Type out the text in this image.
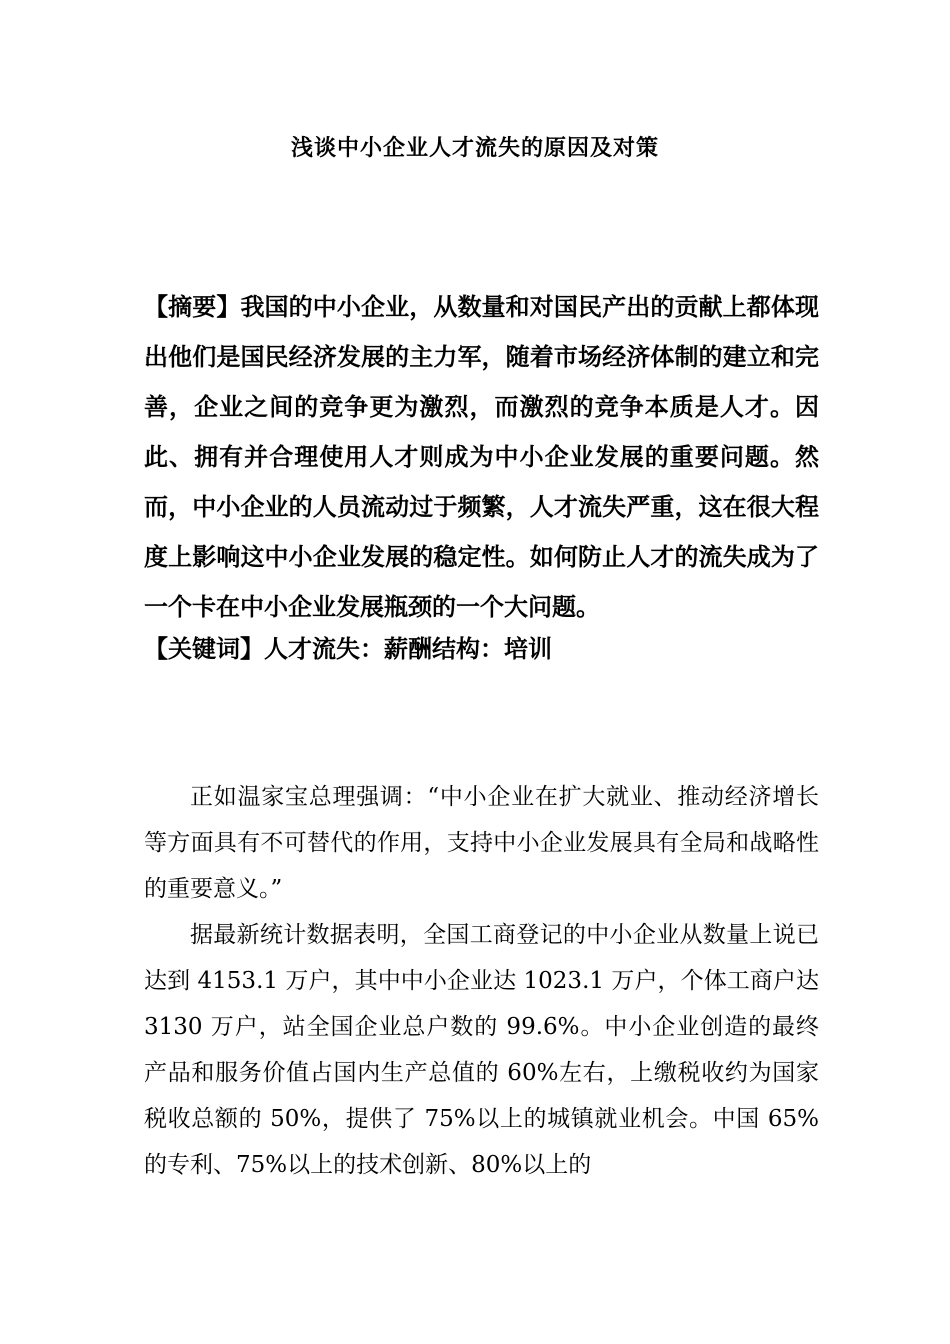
浅谈中小企业人才流失的原因及对策

【摘要】我国的中小企业，从数量和对国民产出的贡献上都体现出他们是国民经济发展的主力军，随着市场经济体制的建立和完善，企业之间的竞争更为激烈，而激烈的竞争本质是人才。因此、拥有并合理使用人才则成为中小企业发展的重要问题。然而，中小企业的人员流动过于频繁，人才流失严重，这在很大程度上影响这中小企业发展的稳定性。如何防止人才的流失成为了一个卡在中小企业发展瓶颈的一个大问题。

【关键词】人才流失：薪酬结构：培训

正如温家宝总理强调：“中小企业在扩大就业、推动经济增长等方面具有不可替代的作用，支持中小企业发展具有全局和战略性的重要意义。”

据最新统计数据表明，全国工商登记的中小企业从数量上说已达到 4153.1 万户，其中中小企业达 1023.1 万户，个体工商户达 3130 万户，站全国企业总户数的 99.6%。中小企业创造的最终产品和服务价值占国内生产总值的 60%左右，上缴税收约为国家税收总额的 50%，提供了 75%以上的城镇就业机会。中国 65%的专利、75%以上的技术创新、80%以上的
